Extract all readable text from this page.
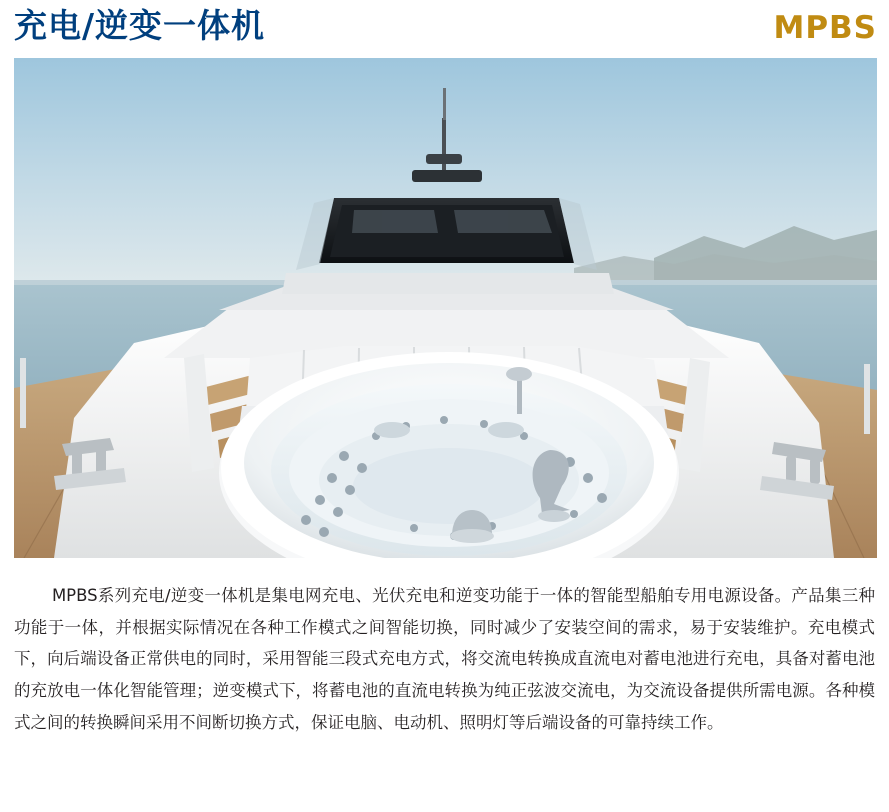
充电∕逆变一体机	MPBS

MPBS系列充电∕逆变一体机是集电网充电、光伏充电和逆变功能于一体的智能型船舶专用电源设备。产品集三种功能于一体，并根据实际情况在各种工作模式之间智能切换，同时减少了安装空间的需求，易于安装维护。充电模式下，向后端设备正常供电的同时，采用智能三段式充电方式，将交流电转换成直流电对蓄电池进行充电，具备对蓄电池的充放电一体化智能管理；逆变模式下，将蓄电池的直流电转换为纯正弦波交流电，为交流设备提供所需电源。各种模式之间的转换瞬间采用不间断切换方式，保证电脑、电动机、照明灯等后端设备的可靠持续工作。
